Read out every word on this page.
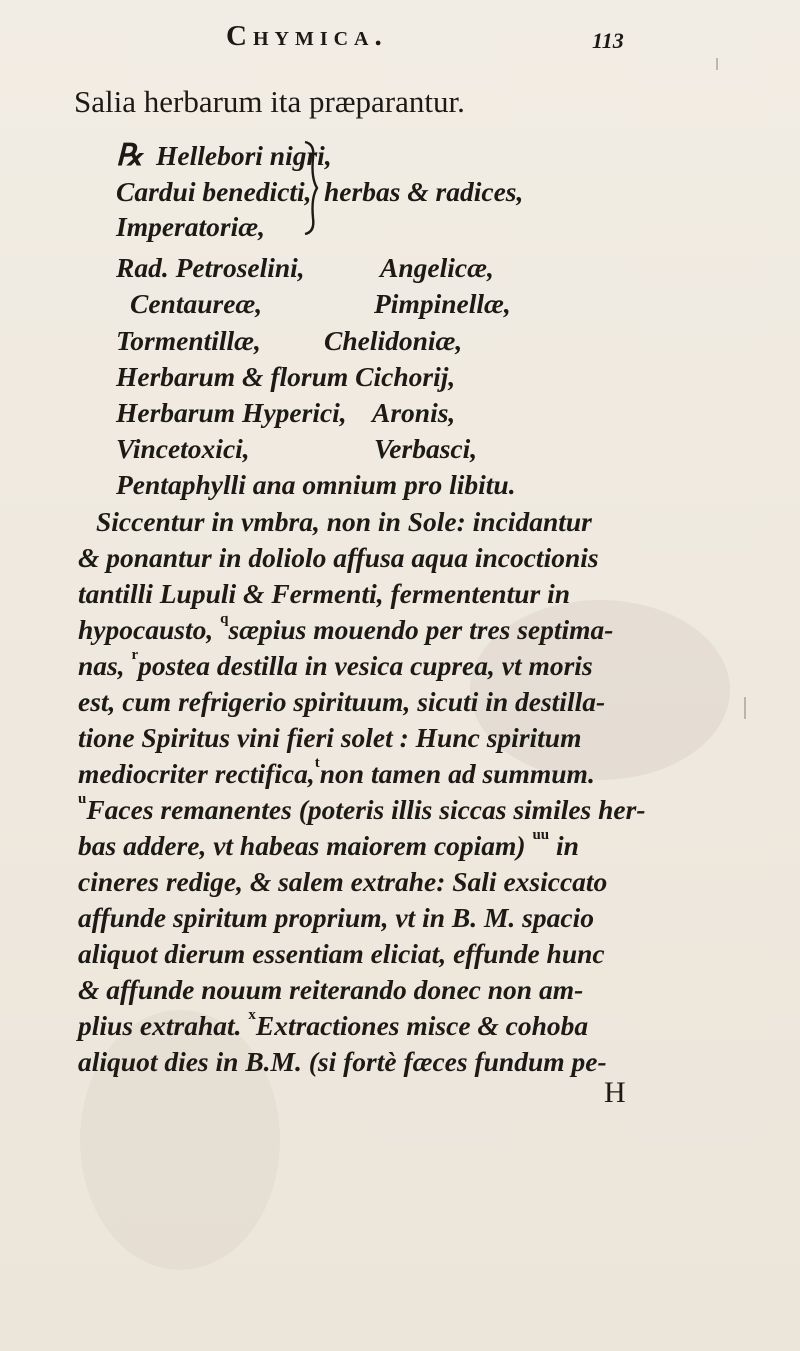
Chymica.	113
Salia herbarum ita præparantur.
℞ Hellebori nigri,
Cardui benedicti, herbas & radices,
Imperatoriæ,
Rad. Petroselini,	Angelicæ,
Centaureæ,	Pimpinellæ,
Tormentillæ, Chelidoniæ,
Herbarum & florum Cichorij,
Herbarum Hyperici, Aronis,
Vincetoxici,	Verbasci,
Pentaphylli ana omnium pro libitu.
Siccentur in vmbra, non in Sole: incidantur
& ponantur in doliolo affusa aqua incoctionis
tantilli Lupuli & Fermenti, fermententur in
hypocausto, $^q$sæpius mouendo per tres septima-
nas, $^r$postea destilla in vesica cuprea, vt moris
est, cum refrigerio spirituum, sicuti in destilla-
tione Spiritus vini fieri solet : Hunc spiritum
mediocriter rectifica,$^t$non tamen ad summum.
$^u$Faces remanentes (poteris illis siccas similes her-
bas addere, vt habeas maiorem copiam) $^{uu}$ in
cineres redige, & salem extrahe: Sali exsiccato
affunde spiritum proprium, vt in B. M. spacio
aliquot dierum essentiam eliciat, effunde hunc
& affunde nouum reiterando donec non am-
plius extrahat. $^x$Extractiones misce & cohoba
aliquot dies in B.M. (si fortè fæces fundum pe-
H
